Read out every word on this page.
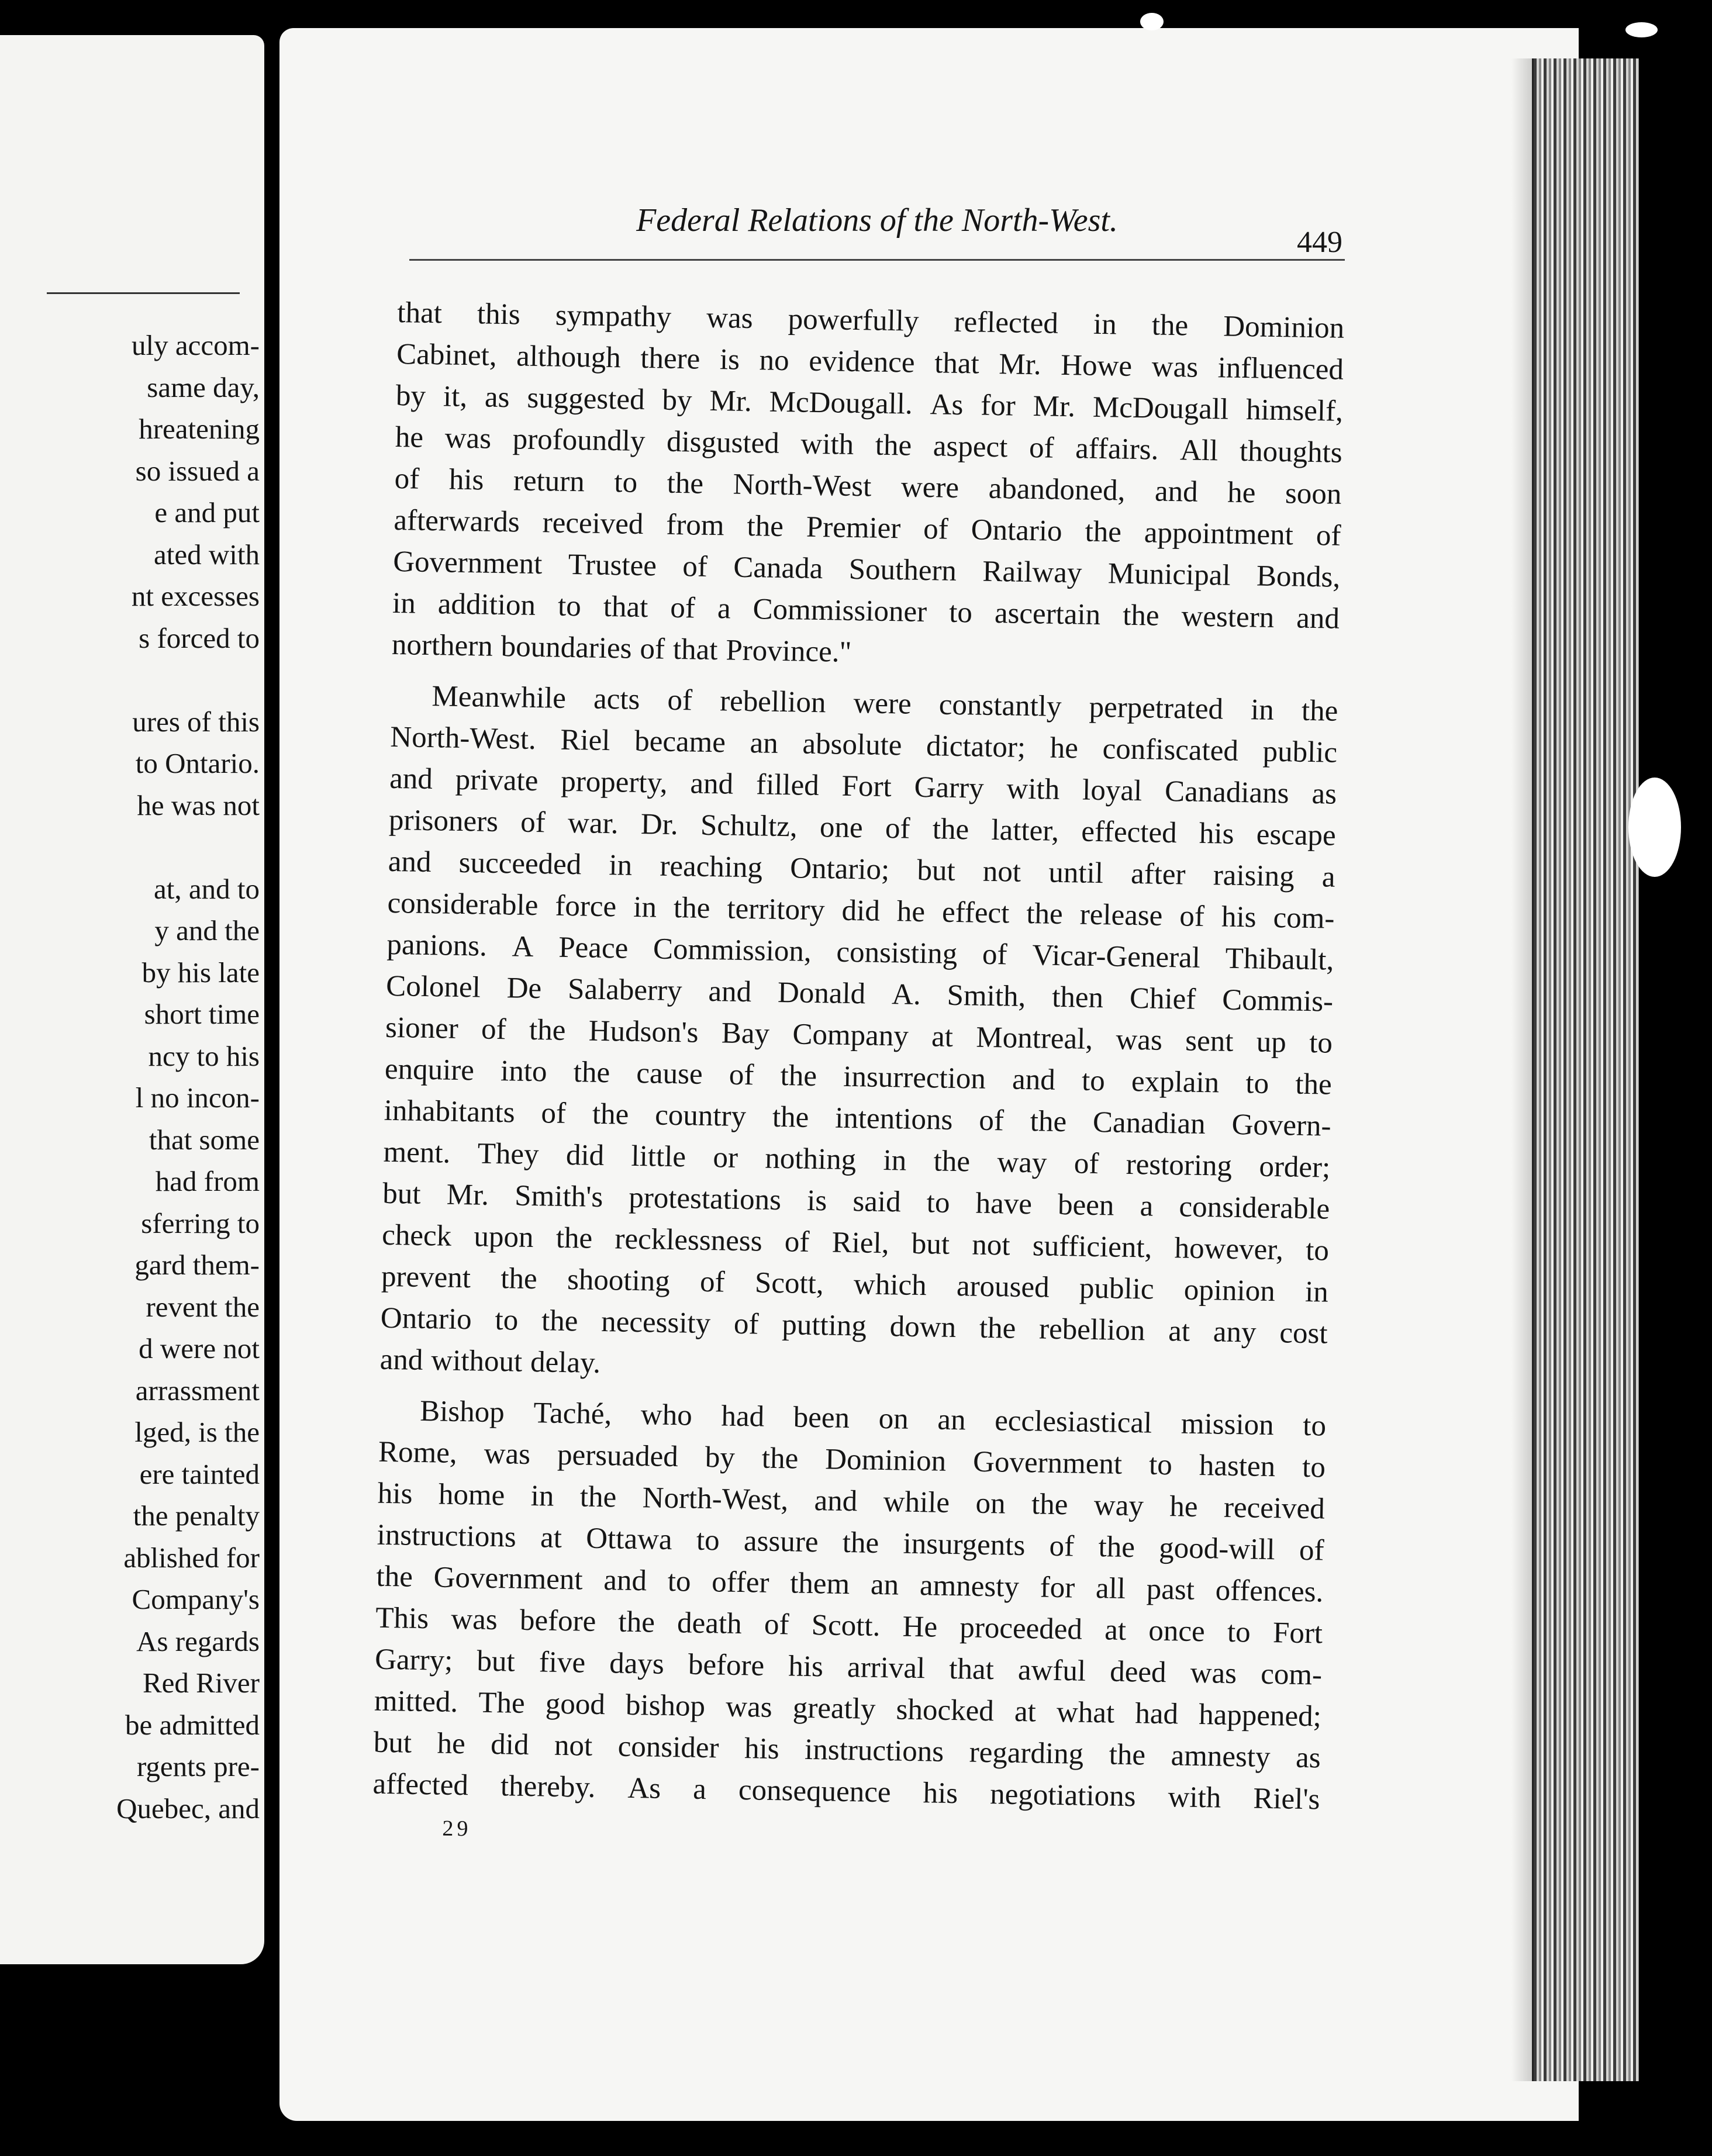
uly accom-
same day,
hreatening
so issued a
e and put
ated with
nt excesses
s forced to
ures of this
to Ontario.
he was not
at, and to
y and the
by his late
short time
ncy to his
l no incon-
that some
had from
sferring to
gard them-
revent the
d were not
arrassment
lged, is the
ere tainted
the penalty
ablished for
Company's
As regards
Red River
be admitted
rgents pre-
Quebec, and
Federal Relations of the North-West.
449
that this sympathy was powerfully reflected in the Dominion
Cabinet, although there is no evidence that Mr. Howe was influenced
by it, as suggested by Mr. McDougall. As for Mr. McDougall himself,
he was profoundly disgusted with the aspect of affairs. All thoughts
of his return to the North-West were abandoned, and he soon
afterwards received from the Premier of Ontario the appointment of
Government Trustee of Canada Southern Railway Municipal Bonds,
in addition to that of a Commissioner to ascertain the western and
northern boundaries of that Province."
Meanwhile acts of rebellion were constantly perpetrated in the
North-West. Riel became an absolute dictator; he confiscated public
and private property, and filled Fort Garry with loyal Canadians as
prisoners of war. Dr. Schultz, one of the latter, effected his escape
and succeeded in reaching Ontario; but not until after raising a
considerable force in the territory did he effect the release of his com-
panions. A Peace Commission, consisting of Vicar-General Thibault,
Colonel De Salaberry and Donald A. Smith, then Chief Commis-
sioner of the Hudson's Bay Company at Montreal, was sent up to
enquire into the cause of the insurrection and to explain to the
inhabitants of the country the intentions of the Canadian Govern-
ment. They did little or nothing in the way of restoring order;
but Mr. Smith's protestations is said to have been a considerable
check upon the recklessness of Riel, but not sufficient, however, to
prevent the shooting of Scott, which aroused public opinion in
Ontario to the necessity of putting down the rebellion at any cost
and without delay.
Bishop Taché, who had been on an ecclesiastical mission to
Rome, was persuaded by the Dominion Government to hasten to
his home in the North-West, and while on the way he received
instructions at Ottawa to assure the insurgents of the good-will of
the Government and to offer them an amnesty for all past offences.
This was before the death of Scott. He proceeded at once to Fort
Garry; but five days before his arrival that awful deed was com-
mitted. The good bishop was greatly shocked at what had happened;
but he did not consider his instructions regarding the amnesty as
affected thereby. As a consequence his negotiations with Riel's
29
